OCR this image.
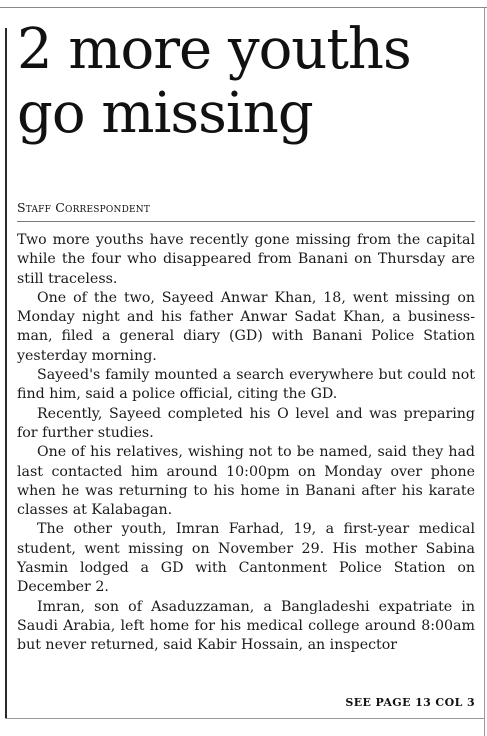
2 more youths go missing
Staff Correspondent

Two more youths have recently gone missing from the capital while the four who disappeared from Banani on Thursday are still traceless.

One of the two, Sayeed Anwar Khan, 18, went missing on Monday night and his father Anwar Sadat Khan, a businessman, filed a general diary (GD) with Banani Police Station yesterday morning.

Sayeed's family mounted a search everywhere but could not find him, said a police official, citing the GD.

Recently, Sayeed completed his O level and was preparing for further studies.

One of his relatives, wishing not to be named, said they had last contacted him around 10:00pm on Monday over phone when he was returning to his home in Banani after his karate classes at Kalabagan.

The other youth, Imran Farhad, 19, a first-year medical student, went missing on November 29. His mother Sabina Yasmin lodged a GD with Cantonment Police Station on December 2.

Imran, son of Asaduzzaman, a Bangladeshi expatriate in Saudi Arabia, left home for his medical college around 8:00am but never returned, said Kabir Hossain, an inspector

SEE PAGE 13 COL 3
